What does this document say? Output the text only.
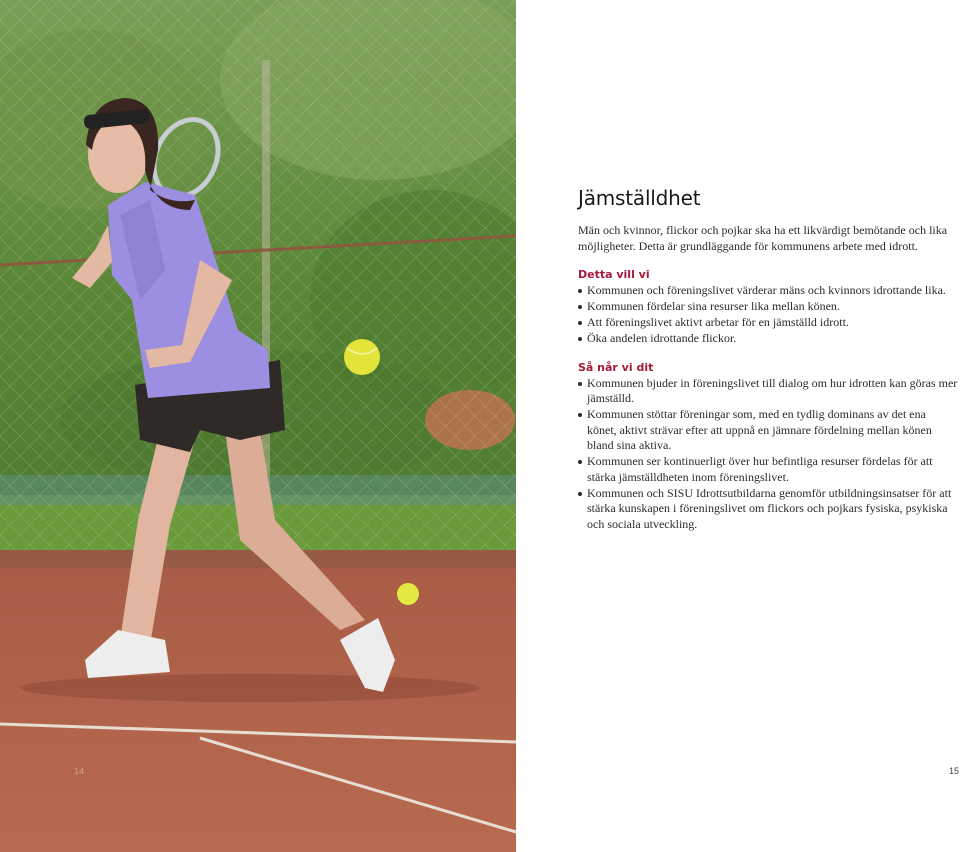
14
Jämställdhet

Män och kvinnor, flickor och pojkar ska ha ett likvärdigt bemötande och lika möjligheter. Detta är grundläggande för kommunens arbete med idrott.

Detta vill vi
Kommunen och föreningslivet värderar mäns och kvinnors idrottande lika.
Kommunen fördelar sina resurser lika mellan könen.
Att föreningslivet aktivt arbetar för en jämställd idrott.
Öka andelen idrottande flickor.
Så når vi dit
Kommunen bjuder in föreningslivet till dialog om hur idrotten kan göras mer jämställd.
Kommunen stöttar föreningar som, med en tydlig dominans av det ena könet, aktivt strävar efter att uppnå en jämnare fördelning mellan könen bland sina aktiva.
Kommunen ser kontinuerligt över hur befintliga resurser fördelas för att stärka jämställdheten inom föreningslivet.
Kommunen och SISU Idrottsutbildarna genomför utbildningsinsatser för att stärka kunskapen i föreningslivet om flickors och pojkars fysiska, psykiska och sociala utveckling.
15
